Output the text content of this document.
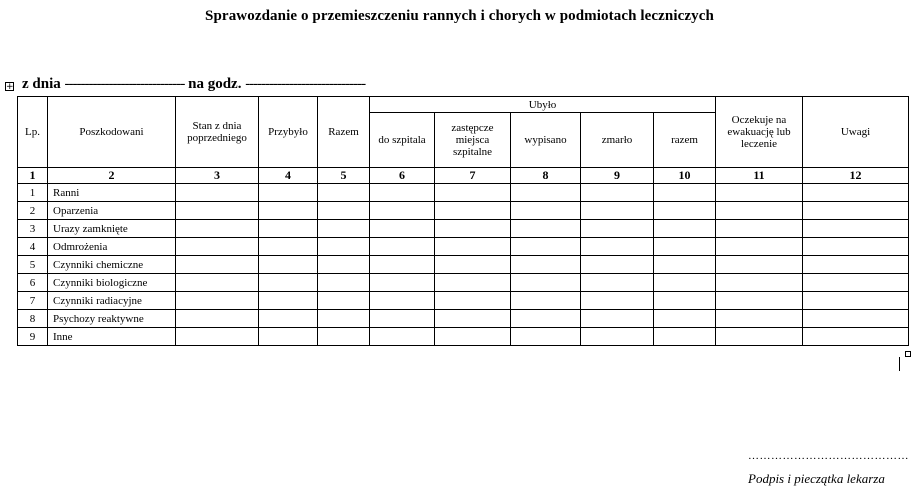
Sprawozdanie o przemieszczeniu rannych i chorych w podmiotach leczniczych
+ z dnia ------------------------------ na godz. ------------------------------
Lp.	Poszkodowani	Stan z dnia poprzedniego	Przybyło	Razem	Ubyło					Oczekuje na ewakuację lub leczenie	Uwagi
					do szpitala	zastępcze miejsca szpitalne	wypisano	zmarło	razem		
1	2	3	4	5	6	7	8	9	10	11	12
1	Ranni										
2	Oparzenia										
3	Urazy zamknięte										
4	Odmrożenia										
5	Czynniki chemiczne										
6	Czynniki biologiczne										
7	Czynniki radiacyjne										
8	Psychozy reaktywne										
9	Inne										
……………………………………
Podpis i pieczątka lekarza
